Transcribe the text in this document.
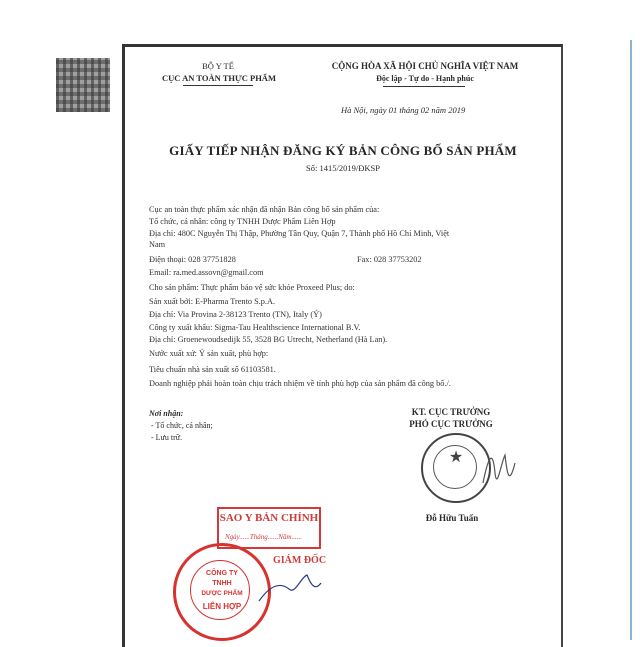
BỘ Y TẾ
CỤC AN TOÀN THỰC PHẨM
CỘNG HÒA XÃ HỘI CHỦ NGHĨA VIỆT NAM
Độc lập - Tự do - Hạnh phúc
Hà Nội, ngày 01 tháng 02 năm 2019
GIẤY TIẾP NHẬN ĐĂNG KÝ BẢN CÔNG BỐ SẢN PHẨM
Số: 1415/2019/ĐKSP
Cục an toàn thực phẩm xác nhận đã nhận Bản công bố sản phẩm của:
Tổ chức, cá nhân: công ty TNHH Dược Phẩm Liên Hợp
Địa chỉ: 480C Nguyễn Thị Thập, Phường Tân Quy, Quận 7, Thành phố Hồ Chí Minh, Việt
Nam
Điện thoại: 028 37751828	Fax: 028 37753202
Email: ra.med.assovn@gmail.com
Cho sản phẩm: Thực phẩm bảo vệ sức khỏe Proxeed Plus; do:
Sản xuất bởi: E-Pharma Trento S.p.A.
Địa chỉ: Via Provina 2-38123 Trento (TN), Italy (Ý)
Công ty xuất khẩu: Sigma-Tau Healthscience International B.V.
Địa chỉ: Groenewoudsedijk 55, 3528 BG Utrecht, Netherland (Hà Lan).
Nước xuất xứ: Ý sản xuất, phù hợp:
Tiêu chuẩn nhà sản xuất số 61103581.
Doanh nghiệp phải hoàn toàn chịu trách nhiệm về tính phù hợp của sản phẩm đã công bố./.
Nơi nhận:
- Tổ chức, cá nhân;
- Lưu trữ.
KT. CỤC TRƯỞNG
PHÓ CỤC TRƯỞNG
★
Đỗ Hữu Tuấn
SAO Y BẢN CHÍNH
Ngày......Tháng......Năm......
CÔNG TY
TNHH
DƯỢC PHẨM
LIÊN HỢP
GIÁM ĐỐC
